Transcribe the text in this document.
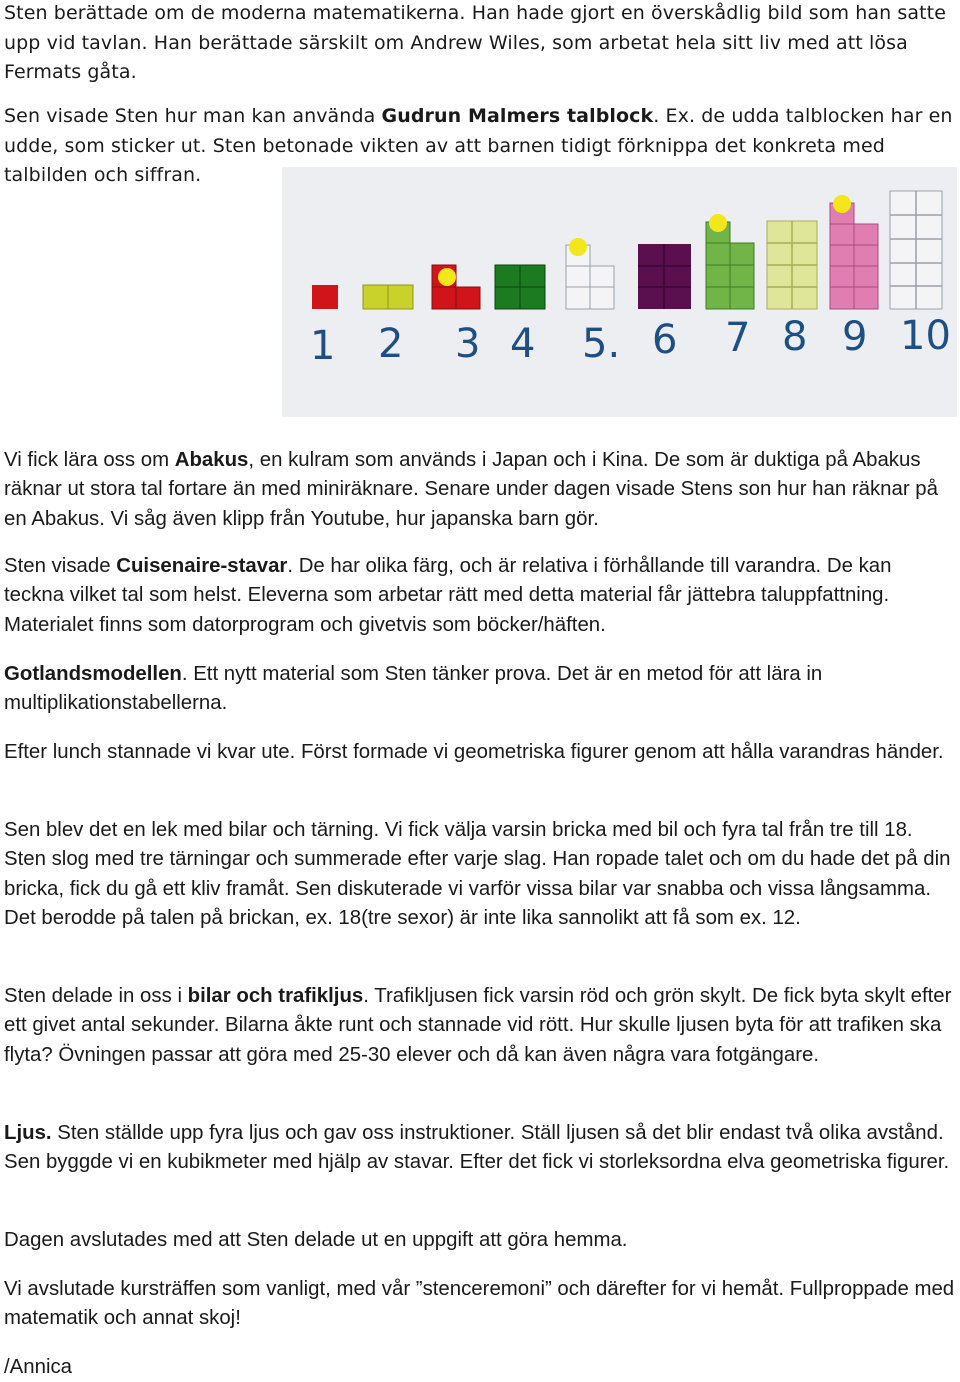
Sten berättade om de moderna matematikerna. Han hade gjort en överskådlig bild som han satte upp vid tavlan. Han berättade särskilt om Andrew Wiles, som arbetat hela sitt liv med att lösa Fermats gåta.

Sen visade Sten hur man kan använda Gudrun Malmers talblock. Ex. de udda talblocken har en udde, som sticker ut. Sten betonade vikten av att barnen tidigt förknippa det konkreta med talbilden och siffran.

1 2 3 4 5. 6 7 8 9 10

Vi fick lära oss om Abakus, en kulram som används i Japan och i Kina. De som är duktiga på Abakus räknar ut stora tal fortare än med miniräknare. Senare under dagen visade Stens son hur han räknar på en Abakus. Vi såg även klipp från Youtube, hur japanska barn gör.

Sten visade Cuisenaire-stavar. De har olika färg, och är relativa i förhållande till varandra. De kan teckna vilket tal som helst. Eleverna som arbetar rätt med detta material får jättebra taluppfattning. Materialet finns som datorprogram och givetvis som böcker/häften.

Gotlandsmodellen. Ett nytt material som Sten tänker prova. Det är en metod för att lära in multiplikationstabellerna.

Efter lunch stannade vi kvar ute. Först formade vi geometriska figurer genom att hålla varandras händer.

Sen blev det en lek med bilar och tärning. Vi fick välja varsin bricka med bil och fyra tal från tre till 18. Sten slog med tre tärningar och summerade efter varje slag. Han ropade talet och om du hade det på din bricka, fick du gå ett kliv framåt. Sen diskuterade vi varför vissa bilar var snabba och vissa långsamma. Det berodde på talen på brickan, ex. 18(tre sexor) är inte lika sannolikt att få som ex. 12.

Sten delade in oss i bilar och trafikljus. Trafikljusen fick varsin röd och grön skylt. De fick byta skylt efter ett givet antal sekunder. Bilarna åkte runt och stannade vid rött. Hur skulle ljusen byta för att trafiken ska flyta? Övningen passar att göra med 25-30 elever och då kan även några vara fotgängare.

Ljus. Sten ställde upp fyra ljus och gav oss instruktioner. Ställ ljusen så det blir endast två olika avstånd. Sen byggde vi en kubikmeter med hjälp av stavar. Efter det fick vi storleksordna elva geometriska figurer.

Dagen avslutades med att Sten delade ut en uppgift att göra hemma.

Vi avslutade kursträffen som vanligt, med vår ”stenceremoni” och därefter for vi hemåt. Fullproppade med matematik och annat skoj!

/Annica
